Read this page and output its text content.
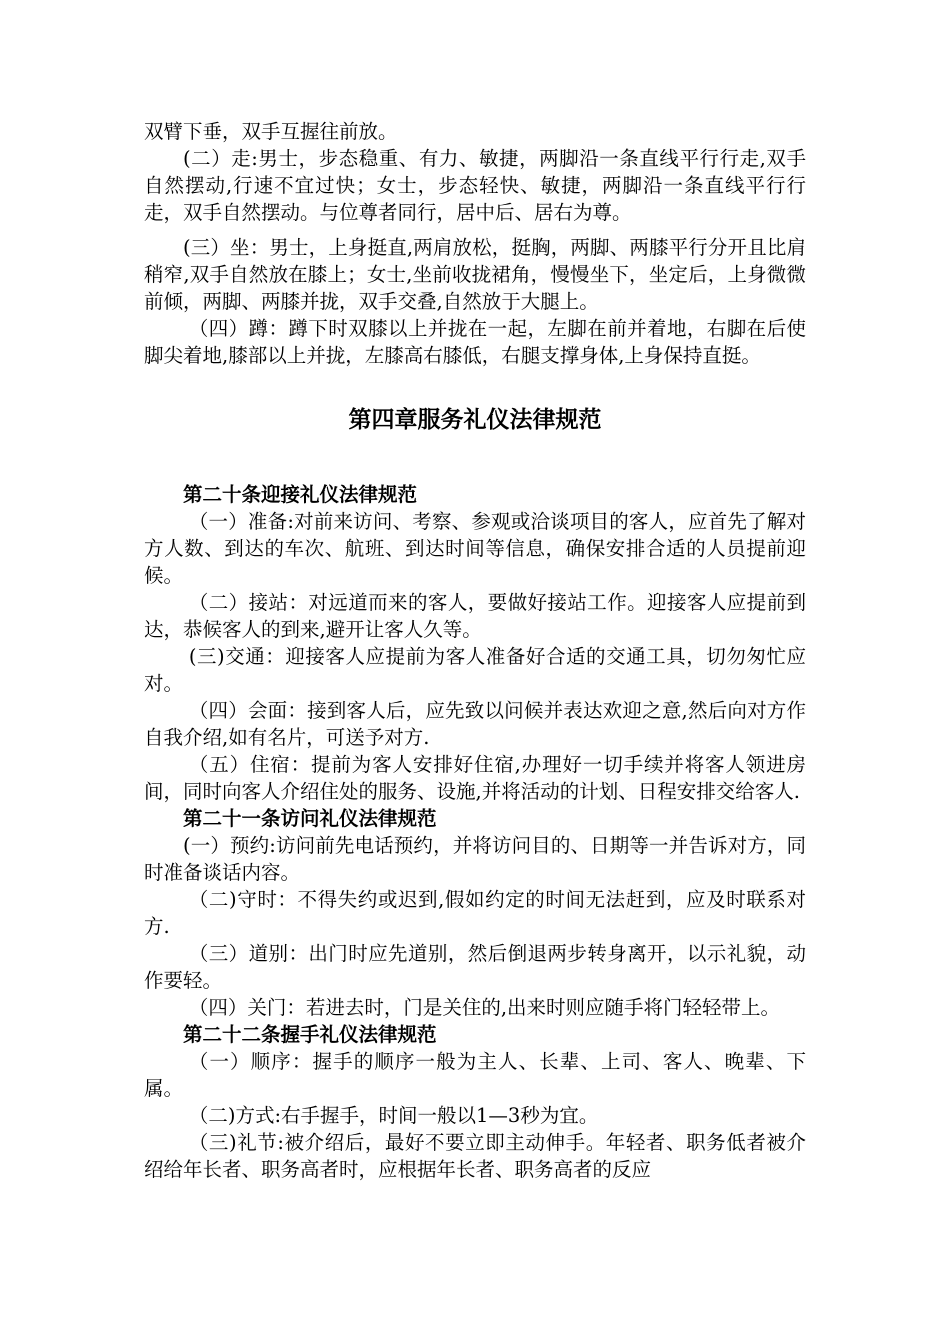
双臂下垂，双手互握往前放。

(二）走:男士，步态稳重、有力、敏捷，两脚沿一条直线平行行走,双手自然摆动,行速不宜过快；女士，步态轻快、敏捷，两脚沿一条直线平行行走，双手自然摆动。与位尊者同行，居中后、居右为尊。

(三）坐：男士，上身挺直,两肩放松，挺胸，两脚、两膝平行分开且比肩稍窄,双手自然放在膝上；女士,坐前收拢裙角，慢慢坐下，坐定后，上身微微前倾，两脚、两膝并拢，双手交叠,自然放于大腿上。

（四）蹲：蹲下时双膝以上并拢在一起，左脚在前并着地，右脚在后使脚尖着地,膝部以上并拢，左膝高右膝低，右腿支撑身体,上身保持直挺。

第四章服务礼仪法律规范

第二十条迎接礼仪法律规范

（一）准备:对前来访问、考察、参观或洽谈项目的客人，应首先了解对方人数、到达的车次、航班、到达时间等信息，确保安排合适的人员提前迎候。

（二）接站：对远道而来的客人，要做好接站工作。迎接客人应提前到达，恭候客人的到来,避开让客人久等。

(三)交通：迎接客人应提前为客人准备好合适的交通工具，切勿匆忙应对。

（四）会面：接到客人后，应先致以问候并表达欢迎之意,然后向对方作自我介绍,如有名片，可送予对方.

（五）住宿：提前为客人安排好住宿,办理好一切手续并将客人领进房间，同时向客人介绍住处的服务、设施,并将活动的计划、日程安排交给客人.

第二十一条访问礼仪法律规范

(一）预约:访问前先电话预约，并将访问目的、日期等一并告诉对方，同时准备谈话内容。

（二)守时：不得失约或迟到,假如约定的时间无法赶到，应及时联系对方.

（三）道别：出门时应先道别，然后倒退两步转身离开，以示礼貌，动作要轻。

（四）关门：若进去时，门是关住的,出来时则应随手将门轻轻带上。

第二十二条握手礼仪法律规范

（一）顺序：握手的顺序一般为主人、长辈、上司、客人、晚辈、下属。

（二)方式:右手握手，时间一般以1—3秒为宜。

（三)礼节:被介绍后，最好不要立即主动伸手。年轻者、职务低者被介绍给年长者、职务高者时，应根据年长者、职务高者的反应
